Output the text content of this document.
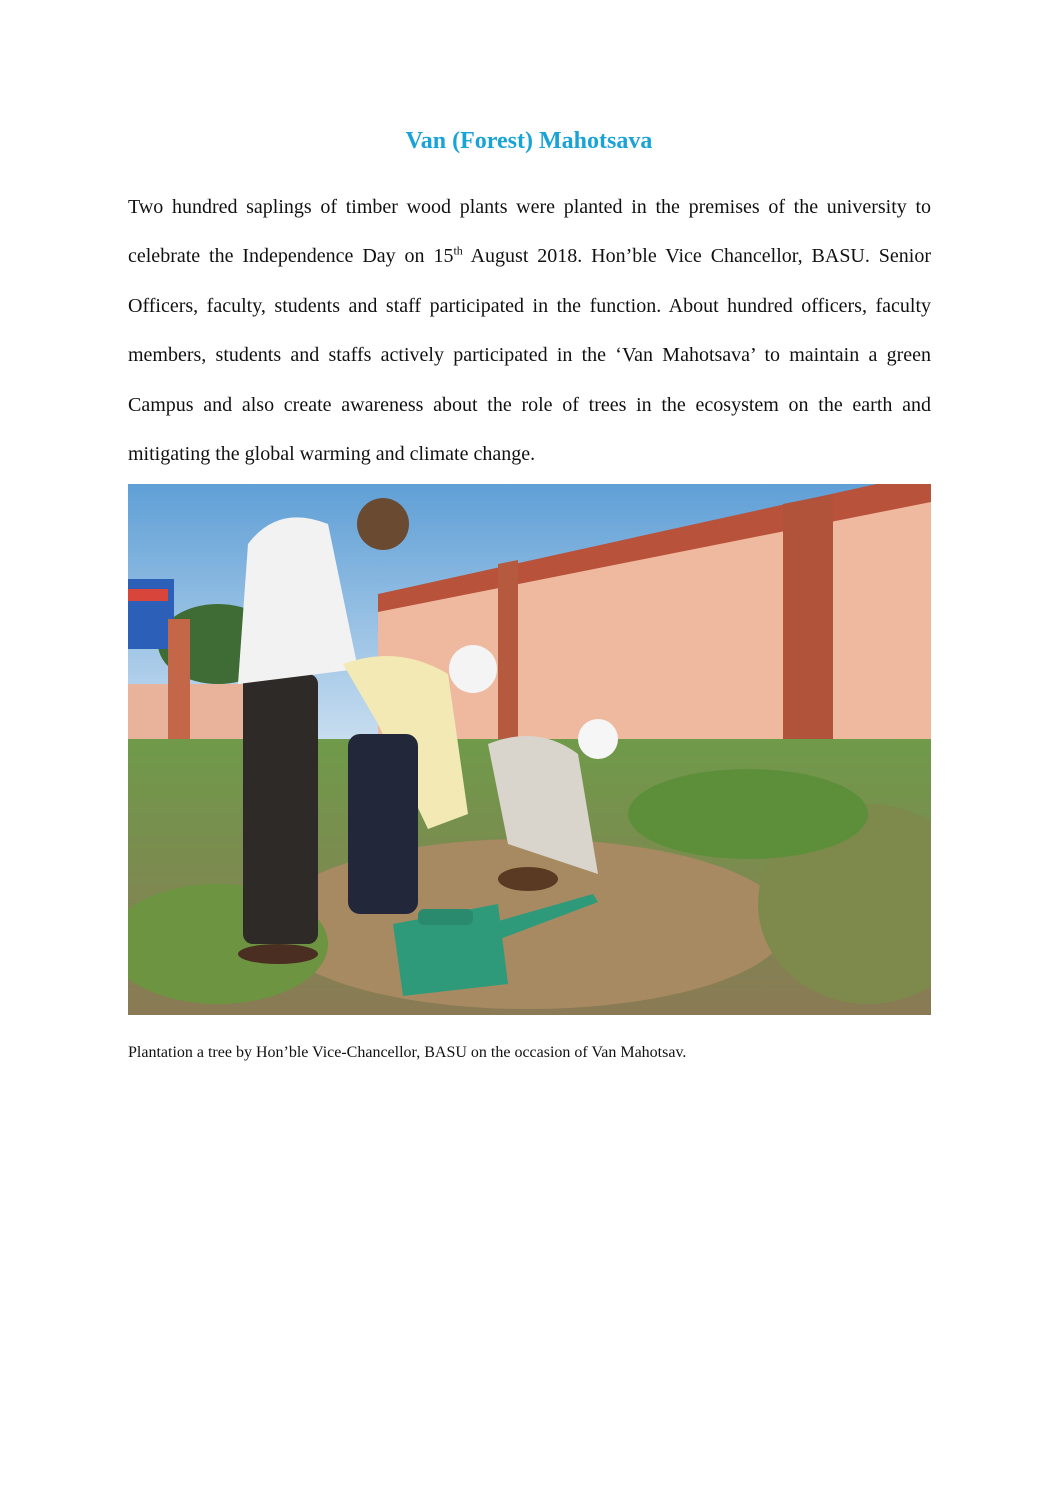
Van (Forest) Mahotsava
Two hundred saplings of timber wood plants were planted in the premises of the university to celebrate the Independence Day on 15th August 2018. Hon’ble Vice Chancellor, BASU. Senior Officers, faculty, students and staff participated in the function. About hundred officers, faculty members, students and staffs actively participated in the ‘Van Mahotsava’ to maintain a green Campus and also create awareness about the role of trees in the ecosystem on the earth and mitigating the global warming and climate change.
Plantation a tree by Hon’ble Vice-Chancellor, BASU on the occasion of Van Mahotsav.
